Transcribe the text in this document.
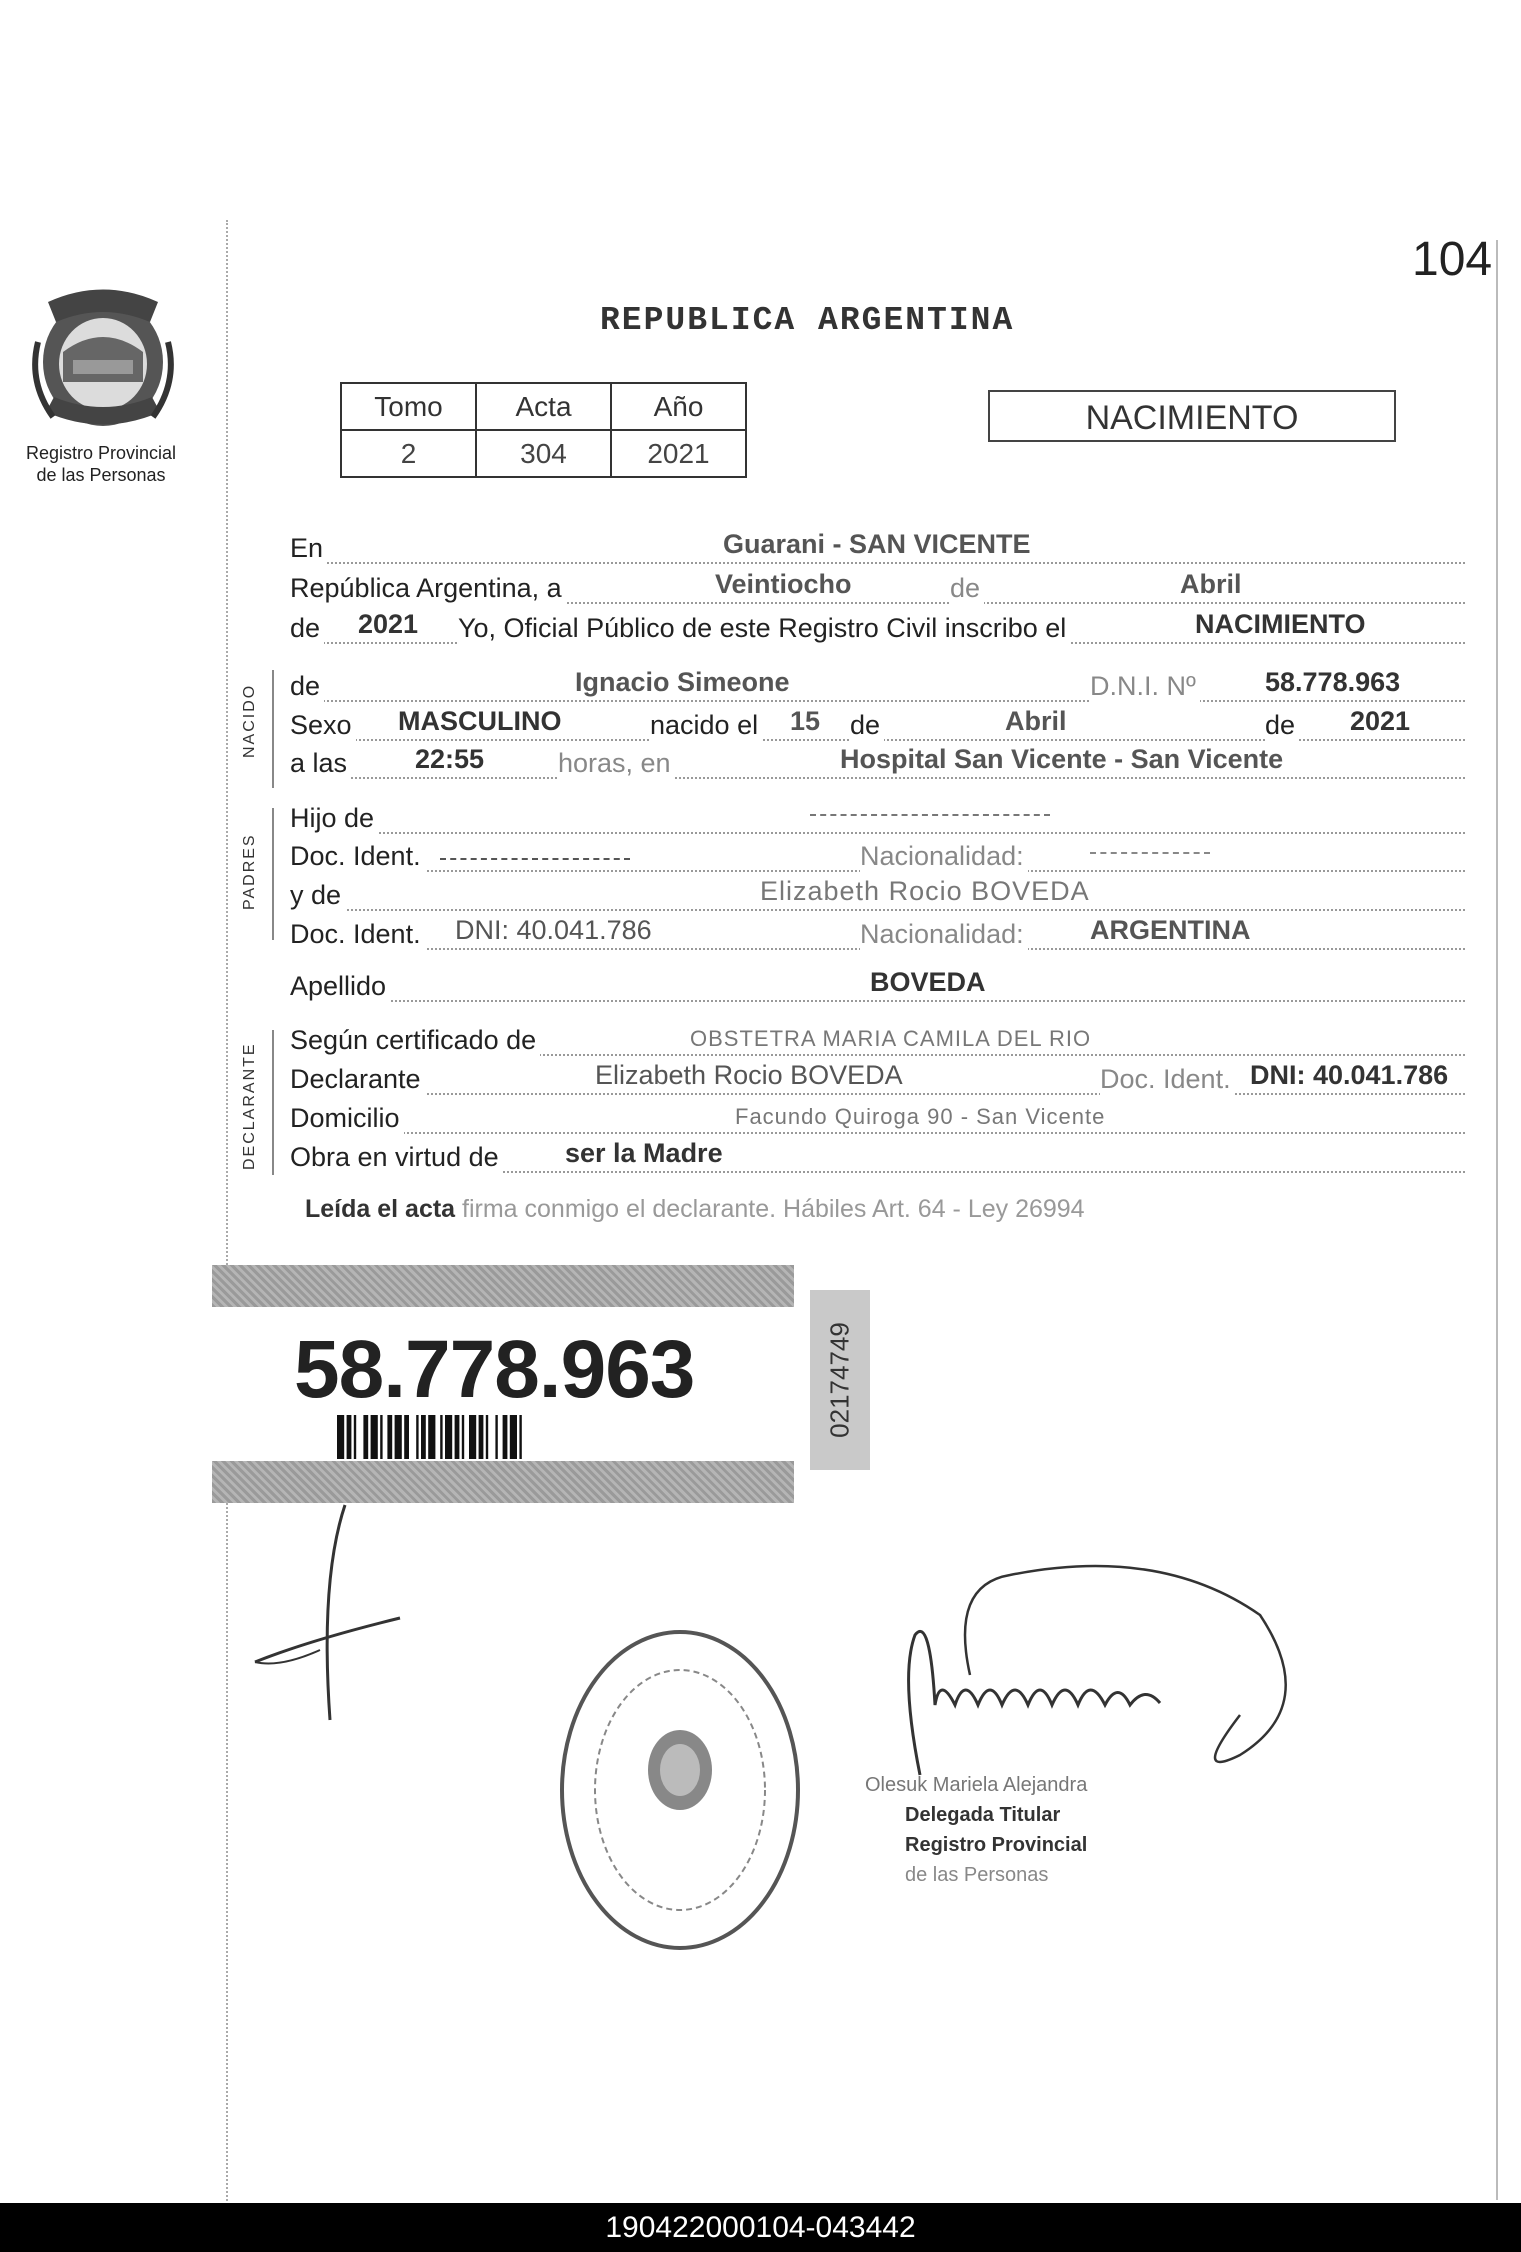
104
REPUBLICA ARGENTINA
Registro Provincial
de las Personas
Tomo	Acta	Año
2	304	2021
NACIMIENTO
En	Guarani - SAN VICENTE
República Argentina, a	Veintiocho	de	Abril
de 2021 Yo, Oficial Público de este Registro Civil inscribo el	NACIMIENTO
NACIDO de	Ignacio Simeone	D.N.I. Nº	58.778.963
Sexo MASCULINO	nacido el 15 de	Abril	de 2021
a las	22:55	horas, en	Hospital San Vicente - San Vicente
PADRES
Hijo de
Doc. Ident.	Nacionalidad:
y de	Elizabeth Rocio BOVEDA
Doc. Ident. DNI: 40.041.786	Nacionalidad: ARGENTINA
Apellido	BOVEDA
DECLARANTE
Según certificado de	OBSTETRA MARIA CAMILA DEL RIO
Declarante	Elizabeth Rocio BOVEDA	Doc. Ident. DNI: 40.041.786
Domicilio	Facundo Quiroga 90 - San Vicente
Obra en virtud de ser la Madre
Leída el acta firma conmigo el declarante. Hábiles Art. 64 - Ley 26994
58.778.963	02174749
Olesuk Mariela Alejandra
Delegada Titular
Registro Provincial
de las Personas
190422000104-043442
